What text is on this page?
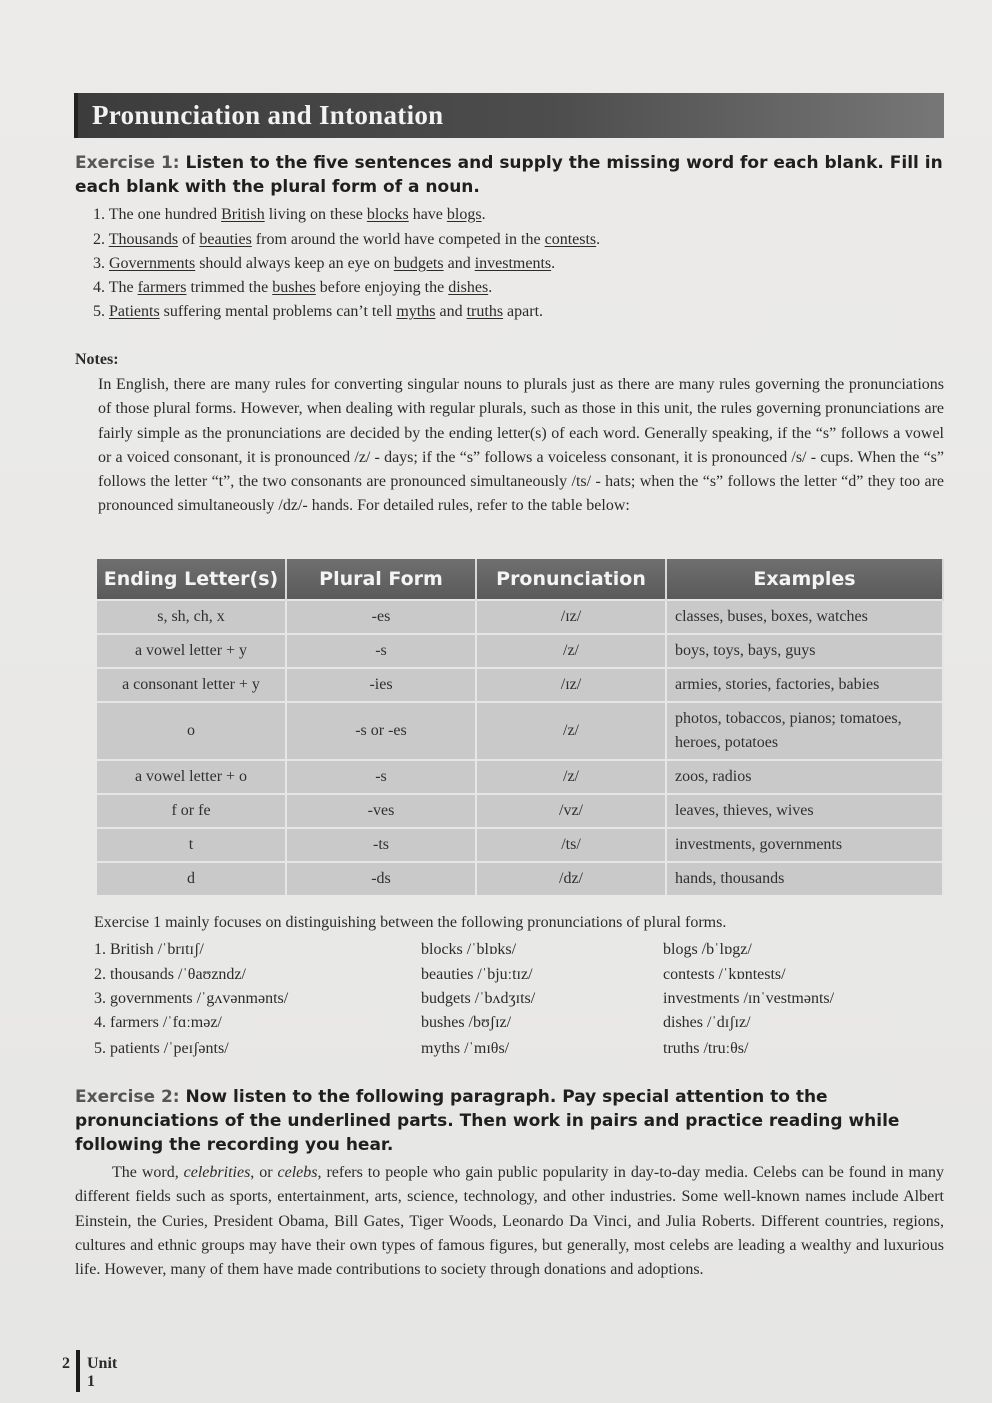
Pronunciation and Intonation
Exercise 1: Listen to the five sentences and supply the missing word for each blank. Fill in each blank with the plural form of a noun.
1. The one hundred British living on these blocks have blogs.
2. Thousands of beauties from around the world have competed in the contests.
3. Governments should always keep an eye on budgets and investments.
4. The farmers trimmed the bushes before enjoying the dishes.
5. Patients suffering mental problems can’t tell myths and truths apart.
Notes:
In English, there are many rules for converting singular nouns to plurals just as there are many rules governing the pronunciations of those plural forms. However, when dealing with regular plurals, such as those in this unit, the rules governing pronunciations are fairly simple as the pronunciations are decided by the ending letter(s) of each word. Generally speaking, if the “s” follows a vowel or a voiced consonant, it is pronounced /z/ - days; if the “s” follows a voiceless consonant, it is pronounced /s/ - cups. When the “s” follows the letter “t”, the two consonants are pronounced simultaneously /ts/ - hats; when the “s” follows the letter “d” they too are pronounced simultaneously /dz/- hands. For detailed rules, refer to the table below:
Ending Letter(s)	Plural Form	Pronunciation	Examples
s, sh, ch, x	-es	/ɪz/	classes, buses, boxes, watches
a vowel letter + y	-s	/z/	boys, toys, bays, guys
a consonant letter + y	-ies	/ɪz/	armies, stories, factories, babies
o	-s or -es	/z/	photos, tobaccos, pianos; tomatoes, heroes, potatoes
a vowel letter + o	-s	/z/	zoos, radios
f or fe	-ves	/vz/	leaves, thieves, wives
t	-ts	/ts/	investments, governments
d	-ds	/dz/	hands, thousands
Exercise 1 mainly focuses on distinguishing between the following pronunciations of plural forms.
1. British /ˈbrɪtɪʃ/	blocks /ˈblɒks/	blogs /bˈlɒgz/
2. thousands /ˈθaʊzndz/	beauties /ˈbjuːtɪz/	contests /ˈkɒntests/
3. governments /ˈgʌvənmənts/	budgets /ˈbʌdʒɪts/	investments /ɪnˈvestmənts/
4. farmers /ˈfɑːməz/	bushes /bʊʃɪz/	dishes /ˈdɪʃɪz/
5. patients /ˈpeɪʃənts/	myths /ˈmɪθs/	truths /truːθs/
Exercise 2: Now listen to the following paragraph. Pay special attention to the pronunciations of the underlined parts. Then work in pairs and practice reading while following the recording you hear.
The word, celebrities, or celebs, refers to people who gain public popularity in day-to-day media. Celebs can be found in many different fields such as sports, entertainment, arts, science, technology, and other industries. Some well-known names include Albert Einstein, the Curies, President Obama, Bill Gates, Tiger Woods, Leonardo Da Vinci, and Julia Roberts. Different countries, regions, cultures and ethnic groups may have their own types of famous figures, but generally, most celebs are leading a wealthy and luxurious life. However, many of them have made contributions to society through donations and adoptions.
2 Unit 1
